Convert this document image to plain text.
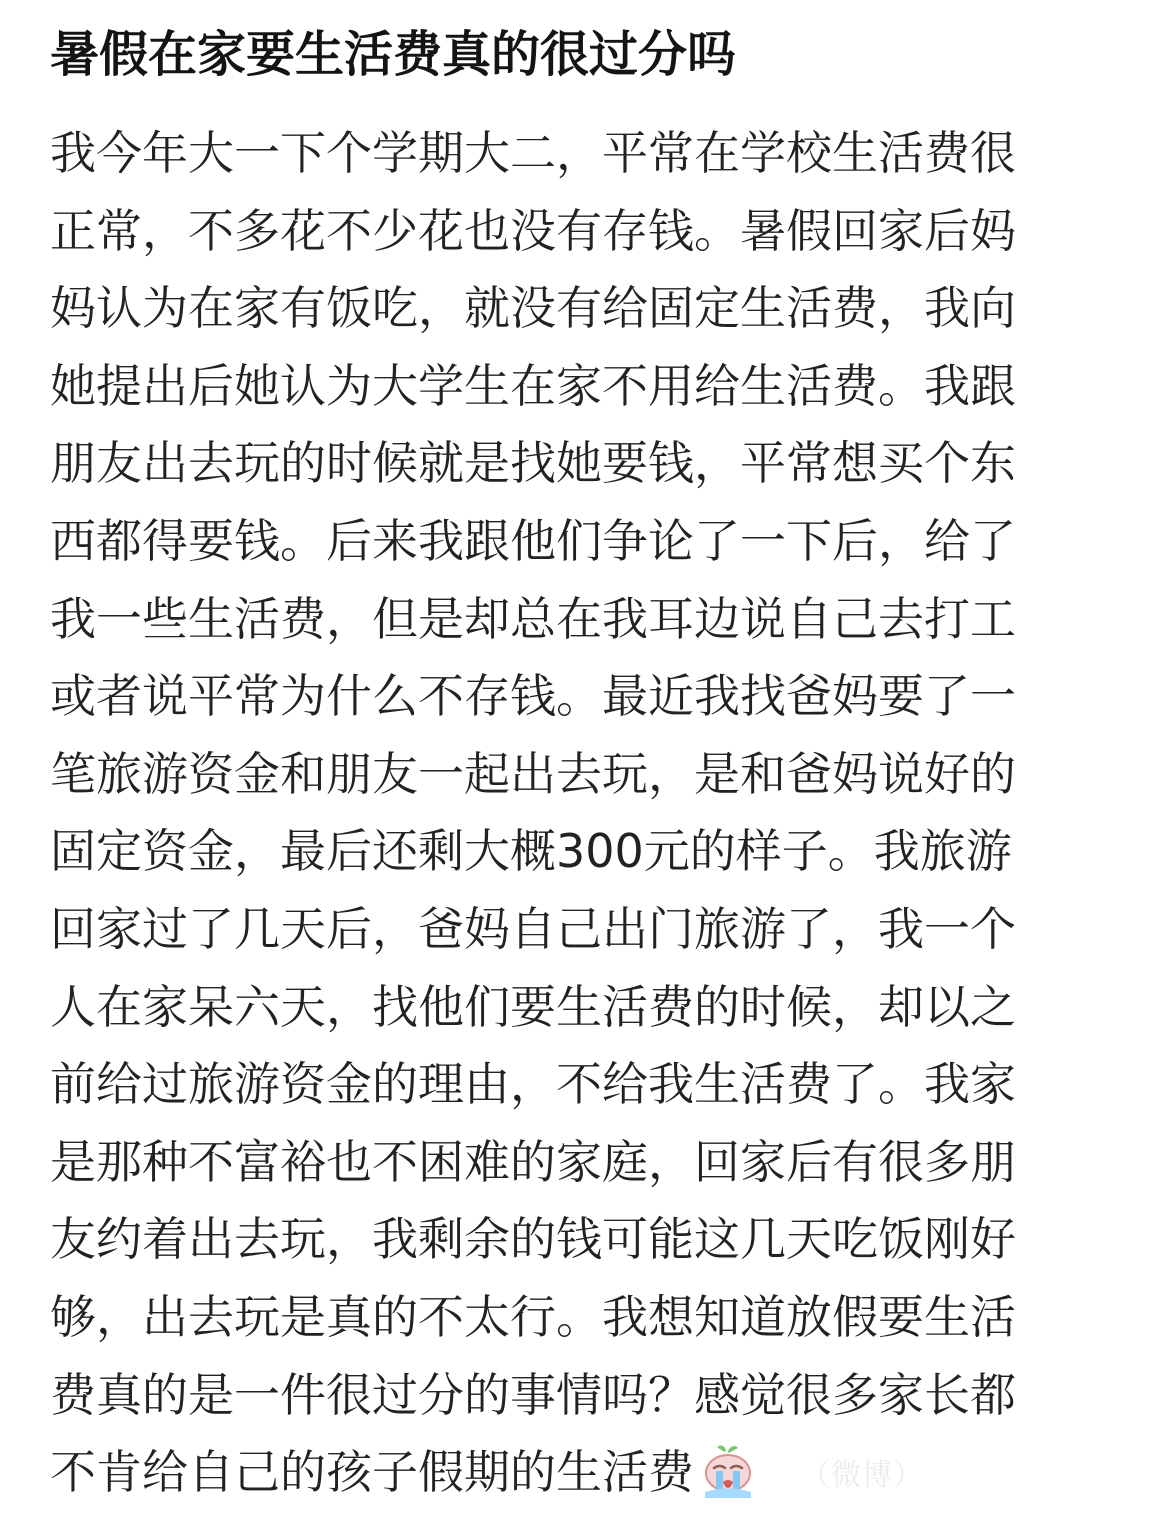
暑假在家要生活费真的很过分吗
我今年大一下个学期大二，平常在学校生活费很
正常，不多花不少花也没有存钱。暑假回家后妈
妈认为在家有饭吃，就没有给固定生活费，我向
她提出后她认为大学生在家不用给生活费。我跟
朋友出去玩的时候就是找她要钱，平常想买个东
西都得要钱。后来我跟他们争论了一下后，给了
我一些生活费，但是却总在我耳边说自己去打工
或者说平常为什么不存钱。最近我找爸妈要了一
笔旅游资金和朋友一起出去玩，是和爸妈说好的
固定资金，最后还剩大概300元的样子。我旅游
回家过了几天后，爸妈自己出门旅游了，我一个
人在家呆六天，找他们要生活费的时候，却以之
前给过旅游资金的理由，不给我生活费了。我家
是那种不富裕也不困难的家庭，回家后有很多朋
友约着出去玩，我剩余的钱可能这几天吃饭刚好
够，出去玩是真的不太行。我想知道放假要生活
费真的是一件很过分的事情吗？感觉很多家长都
不肯给自己的孩子假期的生活费	（微博）
